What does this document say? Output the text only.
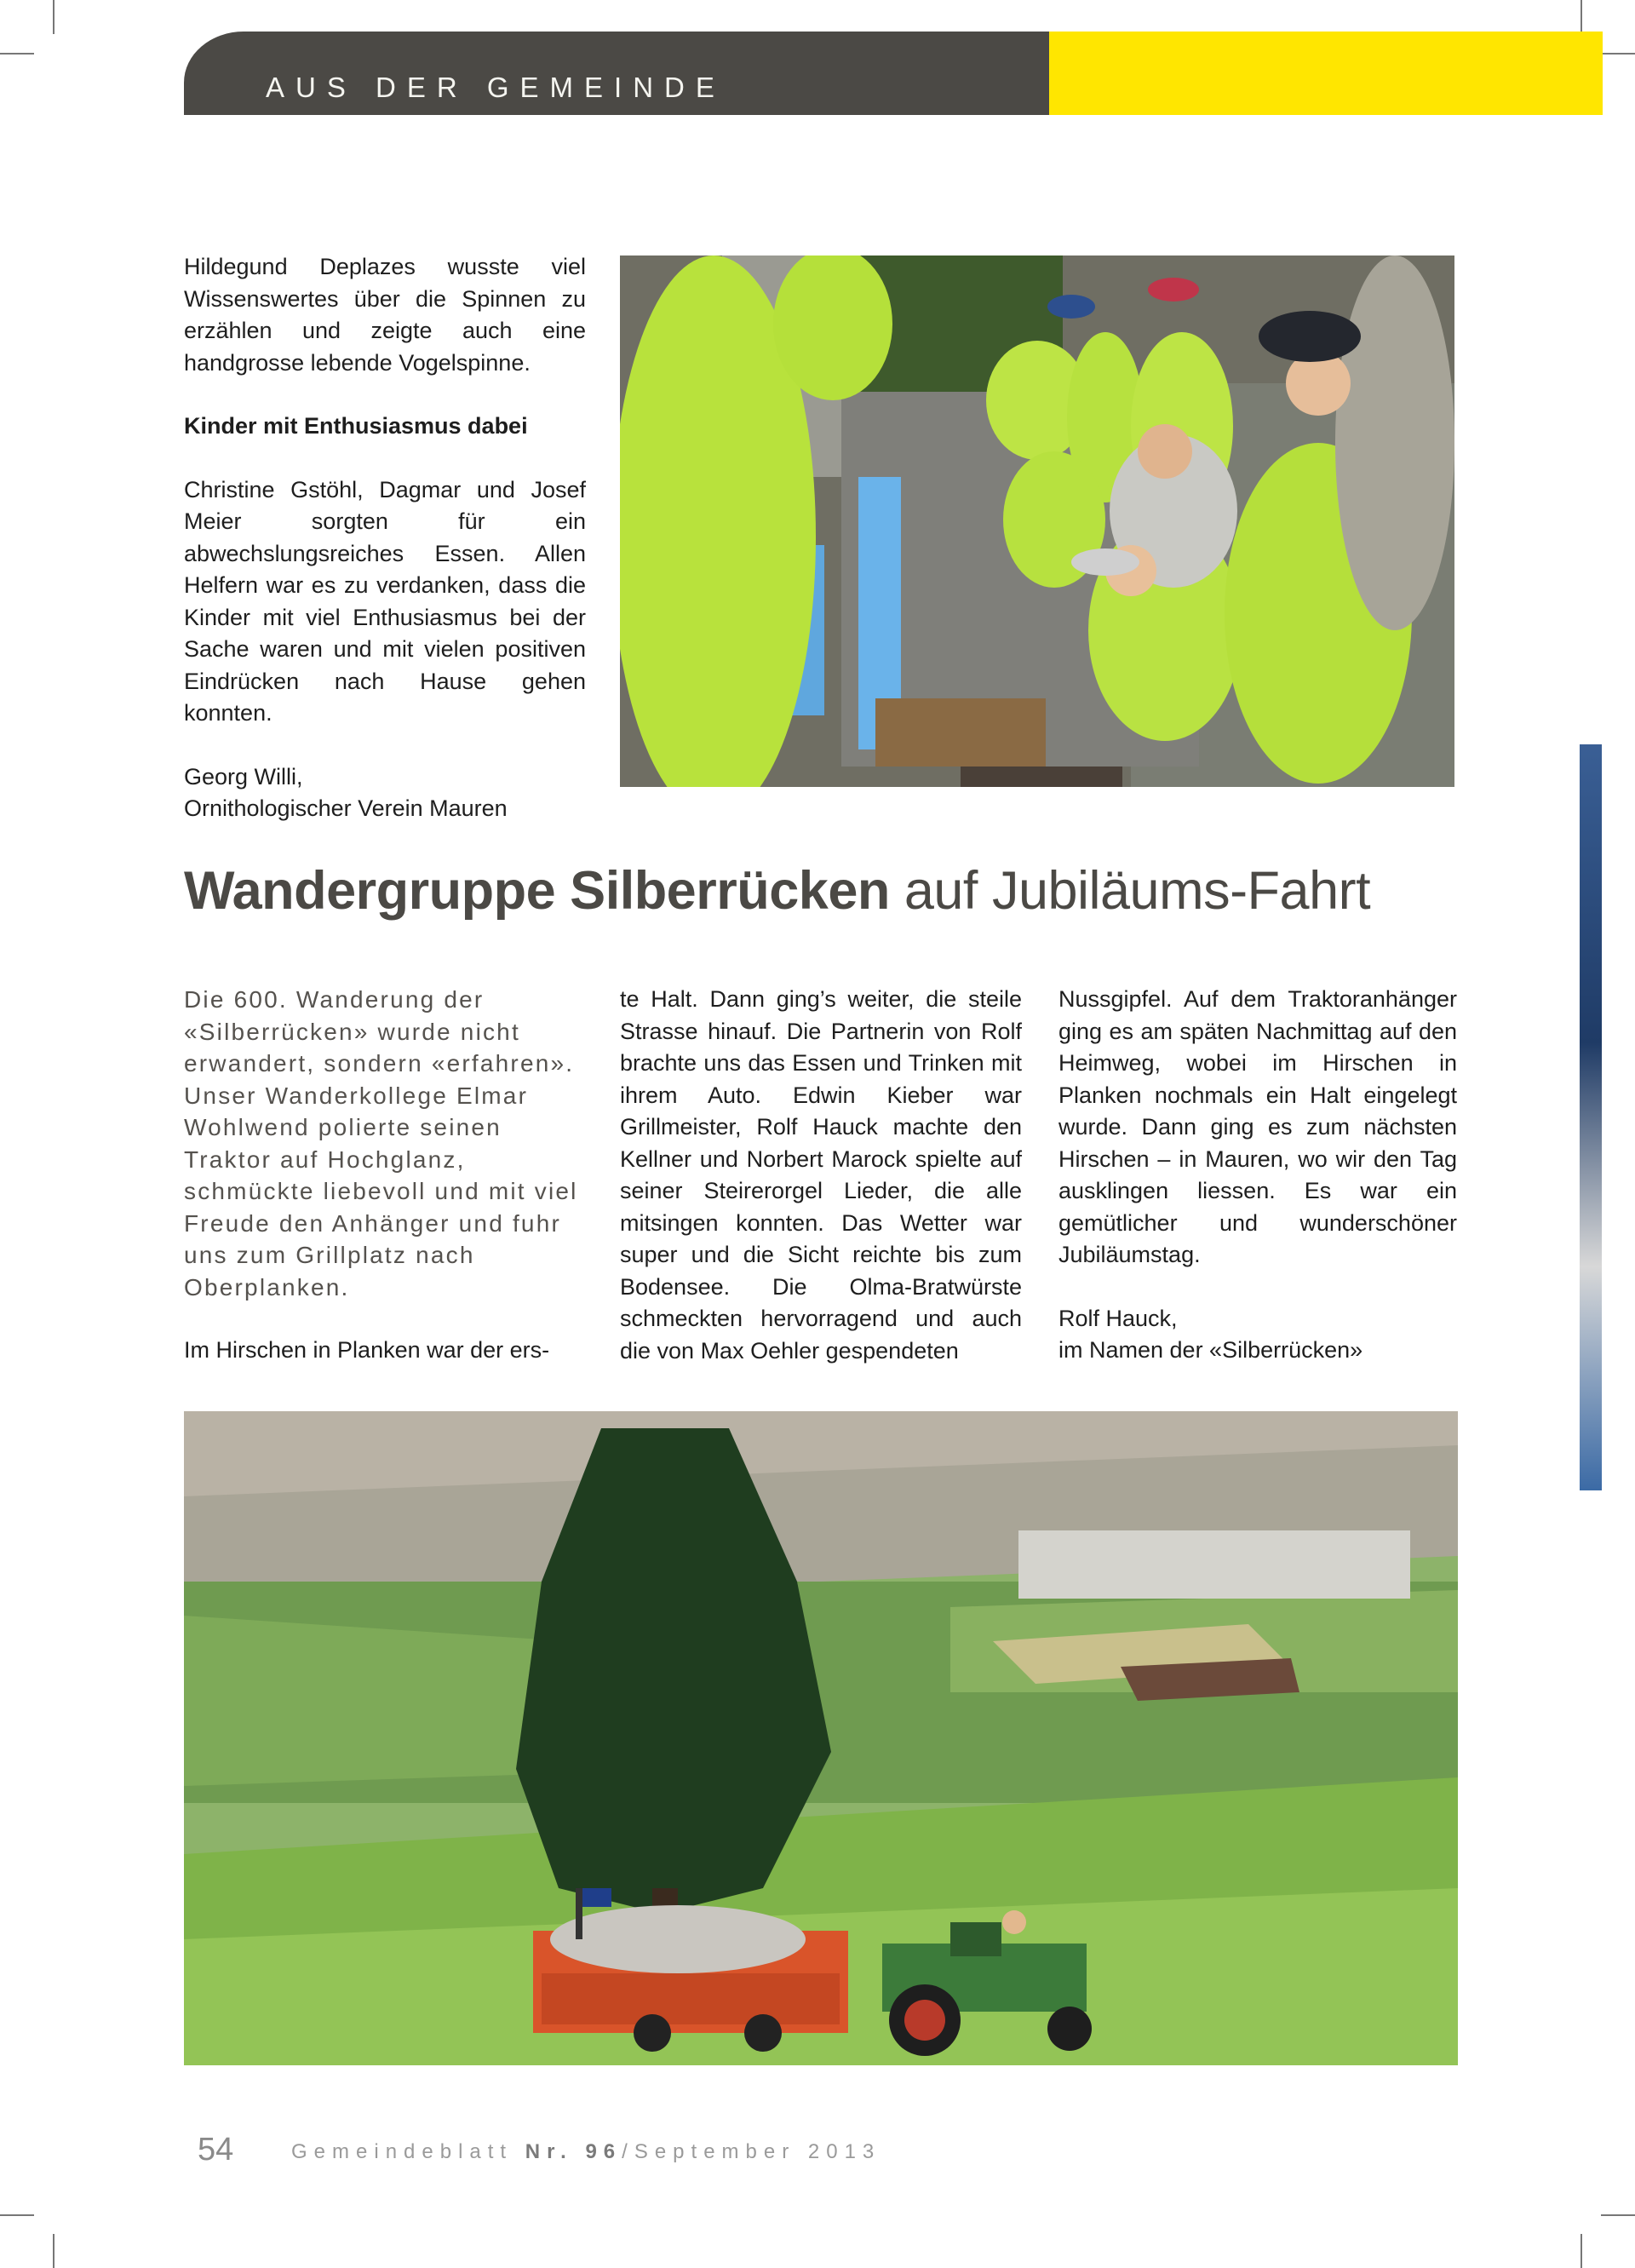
AUS DER GEMEINDE

Hildegund Deplazes wusste viel Wissenswertes über die Spinnen zu erzählen und zeigte auch eine handgrosse lebende Vogelspinne.

Kinder mit Enthusiasmus dabei

Christine Gstöhl, Dagmar und Josef Meier sorgten für ein abwechslungsreiches Essen. Allen Helfern war es zu verdanken, dass die Kinder mit viel Enthusiasmus bei der Sache waren und mit vielen positiven Eindrücken nach Hause gehen konnten.

Georg Willi,

Ornithologischer Verein Mauren

Wandergruppe Silberrücken auf Jubiläums-Fahrt

Die 600. Wanderung der «Silberrücken» wurde nicht erwandert, sondern «erfahren». Unser Wanderkollege Elmar Wohlwend polierte seinen Traktor auf Hochglanz, schmückte liebevoll und mit viel Freude den Anhänger und fuhr uns zum Grillplatz nach Oberplanken.

Im Hirschen in Planken war der ers-

te Halt. Dann ging’s weiter, die steile Strasse hinauf. Die Partnerin von Rolf brachte uns das Essen und Trinken mit ihrem Auto. Edwin Kieber war Grillmeister, Rolf Hauck machte den Kellner und Norbert Marock spielte auf seiner Steirerorgel Lieder, die alle mitsingen konnten. Das Wetter war super und die Sicht reichte bis zum Bodensee. Die Olma-Bratwürste schmeckten hervorragend und auch die von Max Oehler gespendeten

Nussgipfel. Auf dem Traktoranhänger ging es am späten Nachmittag auf den Heimweg, wobei im Hirschen in Planken nochmals ein Halt eingelegt wurde. Dann ging es zum nächsten Hirschen – in Mauren, wo wir den Tag ausklingen liessen. Es war ein gemütlicher und wunderschöner Jubiläumstag.

Rolf Hauck,

im Namen der «Silberrücken»

54	Gemeindeblatt Nr. 96/September 2013
